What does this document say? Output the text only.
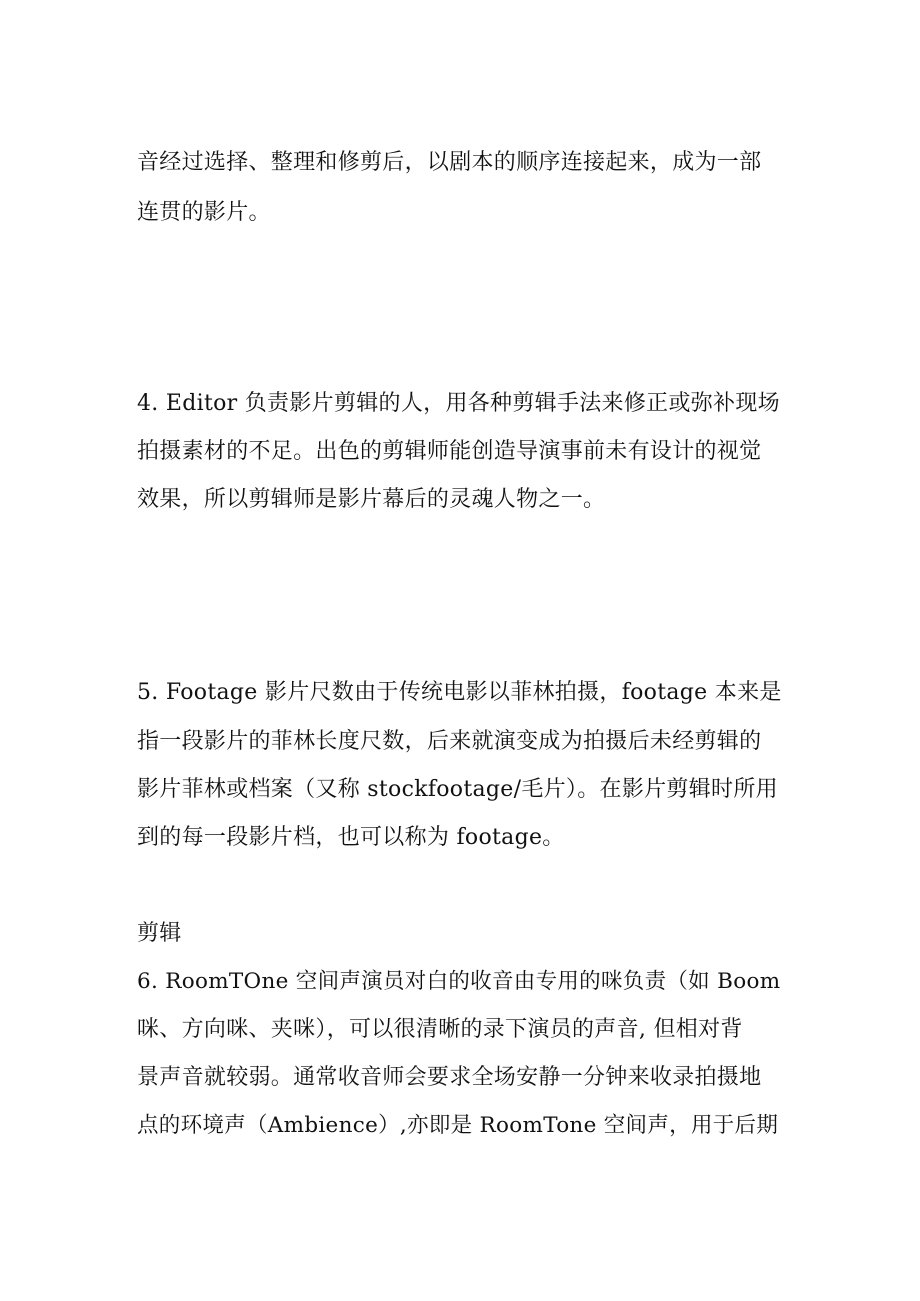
音经过选择、整理和修剪后，以剧本的顺序连接起来，成为一部
连贯的影片。
4. Editor 负责影片剪辑的人，用各种剪辑手法来修正或弥补现场
拍摄素材的不足。出色的剪辑师能创造导演事前未有设计的视觉
效果，所以剪辑师是影片幕后的灵魂人物之一。
5. Footage 影片尺数由于传统电影以菲林拍摄，footage 本来是
指一段影片的菲林长度尺数，后来就演变成为拍摄后未经剪辑的
影片菲林或档案（又称 stockfootage/毛片）。在影片剪辑时所用
到的每一段影片档，也可以称为 footage。
剪辑
6. RoomTOne 空间声演员对白的收音由专用的咪负责（如 Boom
咪、方向咪、夹咪），可以很清晰的录下演员的声音, 但相对背
景声音就较弱。通常收音师会要求全场安静一分钟来收录拍摄地
点的环境声（Ambience）,亦即是 RoomTone 空间声，用于后期
